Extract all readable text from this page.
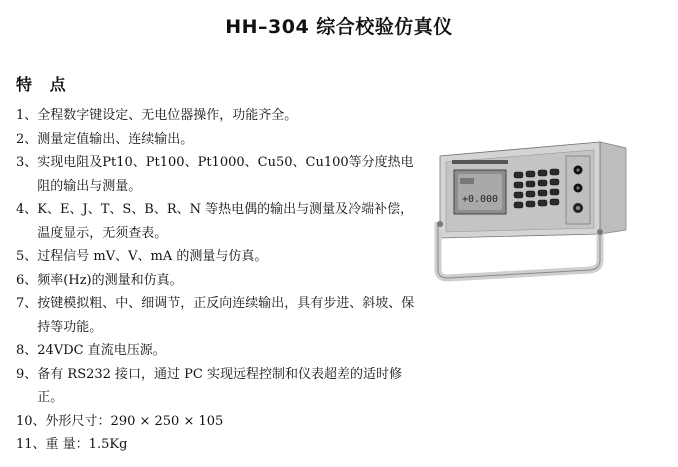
HH–304 综合校验仿真仪
特 点
1、 全程数字键设定、无电位器操作，功能齐全。
2、 测量定值输出、连续输出。
3、 实现电阻及Pt10、Pt100、Pt1000、Cu50、Cu100等分度热电阻的输出与测量。
4、 K、E、J、T、S、B、R、N 等热电偶的输出与测量及冷端补偿，温度显示，无须查表。
5、 过程信号 mV、V、mA 的测量与仿真。
6、 频率(Hz)的测量和仿真。
7、 按键模拟粗、中、细调节，正反向连续输出，具有步进、斜坡、保持等功能。
8、 24VDC 直流电压源。
9、 备有 RS232 接口，通过 PC 实现远程控制和仪表超差的适时修正。
10、 外形尺寸：290 × 250 × 105
11、 重 量：1.5Kg
+0.000
